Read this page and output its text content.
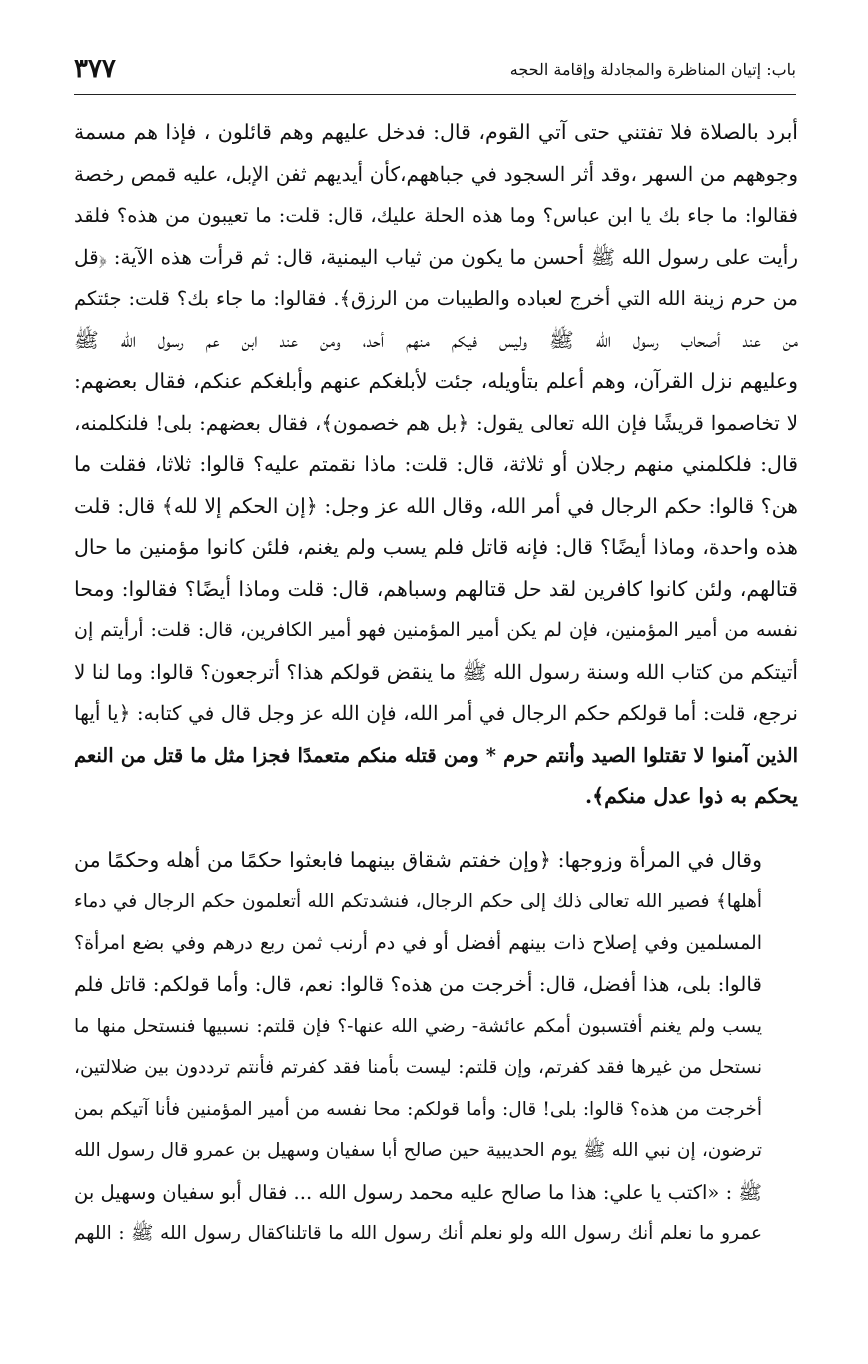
باب: إتيان المناظرة والمجادلة وإقامة الحجه
٣٧٧
أبرد بالصلاة فلا تفتني حتى آتي القوم، قال: فدخل عليهم وهم قائلون ، فإذا هم مسمة
وجوههم من السهر ،وقد أثر السجود في جباههم،كأن أيديهم ثفن الإبل، عليه قمص رخصة
فقالوا: ما جاء بك يا ابن عباس؟ وما هذه الحلة عليك، قال: قلت: ما تعيبون من هذه؟ فلقد
رأيت على رسول الله ﷺ أحسن ما يكون من ثياب اليمنية، قال: ثم قرأت هذه الآية: ﴿قل
من حرم زينة الله التي أخرج لعباده والطيبات من الرزق﴾. فقالوا: ما جاء بك؟ قلت: جئتكم
من عند أصحاب رسول الله ﷺ وليس فيكم منهم أحد، ومن عند ابن عم رسول الله ﷺ
وعليهم نزل القرآن، وهم أعلم بتأويله، جئت لأبلغكم عنهم وأبلغكم عنكم، فقال بعضهم:
لا تخاصموا قريشًا فإن الله تعالى يقول: ﴿بل هم خصمون﴾، فقال بعضهم: بلى! فلنكلمنه،
قال: فلكلمني منهم رجلان أو ثلاثة، قال: قلت: ماذا نقمتم عليه؟ قالوا: ثلاثا، فقلت ما
هن؟ قالوا: حكم الرجال في أمر الله، وقال الله عز وجل: ﴿إن الحكم إلا لله﴾ قال: قلت
هذه واحدة، وماذا أيضًا؟ قال: فإنه قاتل فلم يسب ولم يغنم، فلئن كانوا مؤمنين ما حال
قتالهم، ولئن كانوا كافرين لقد حل قتالهم وسباهم، قال: قلت وماذا أيضًا؟ فقالوا: ومحا
نفسه من أمير المؤمنين، فإن لم يكن أمير المؤمنين فهو أمير الكافرين، قال: قلت: أرأيتم إن
أتيتكم من كتاب الله وسنة رسول الله ﷺ ما ينقض قولكم هذا؟ أترجعون؟ قالوا: وما لنا لا
نرجع، قلت: أما قولكم حكم الرجال في أمر الله، فإن الله عز وجل قال في كتابه: ﴿يا أيها
الذين آمنوا لا تقتلوا الصيد وأنتم حرم * ومن قتله منكم متعمدًا فجزا مثل ما قتل من النعم
يحكم به ذوا عدل منكم﴾.
وقال في المرأة وزوجها: ﴿وإن خفتم شقاق بينهما فابعثوا حكمًا من أهله وحكمًا من
أهلها﴾ فصير الله تعالى ذلك إلى حكم الرجال، فنشدتكم الله أتعلمون حكم الرجال في دماء
المسلمين وفي إصلاح ذات بينهم أفضل أو في دم أرنب ثمن ربع درهم وفي بضع امرأة؟
قالوا: بلى، هذا أفضل، قال: أخرجت من هذه؟ قالوا: نعم، قال: وأما قولكم: قاتل فلم
يسب ولم يغنم أفتسبون أمكم عائشة- رضي الله عنها-؟ فإن قلتم: نسبيها فنستحل منها ما
نستحل من غيرها فقد كفرتم، وإن قلتم: ليست بأمنا فقد كفرتم فأنتم ترددون بين ضلالتين،
أخرجت من هذه؟ قالوا: بلى! قال: وأما قولكم: محا نفسه من أمير المؤمنين فأنا آتيكم بمن
ترضون، إن نبي الله ﷺ يوم الحديبية حين صالح أبا سفيان وسهيل بن عمرو قال رسول الله
ﷺ : «اكتب يا علي: هذا ما صالح عليه محمد رسول الله ... فقال أبو سفيان وسهيل بن
عمرو ما نعلم أنك رسول الله ولو نعلم أنك رسول الله ما قاتلناكقال رسول الله ﷺ : اللهم
